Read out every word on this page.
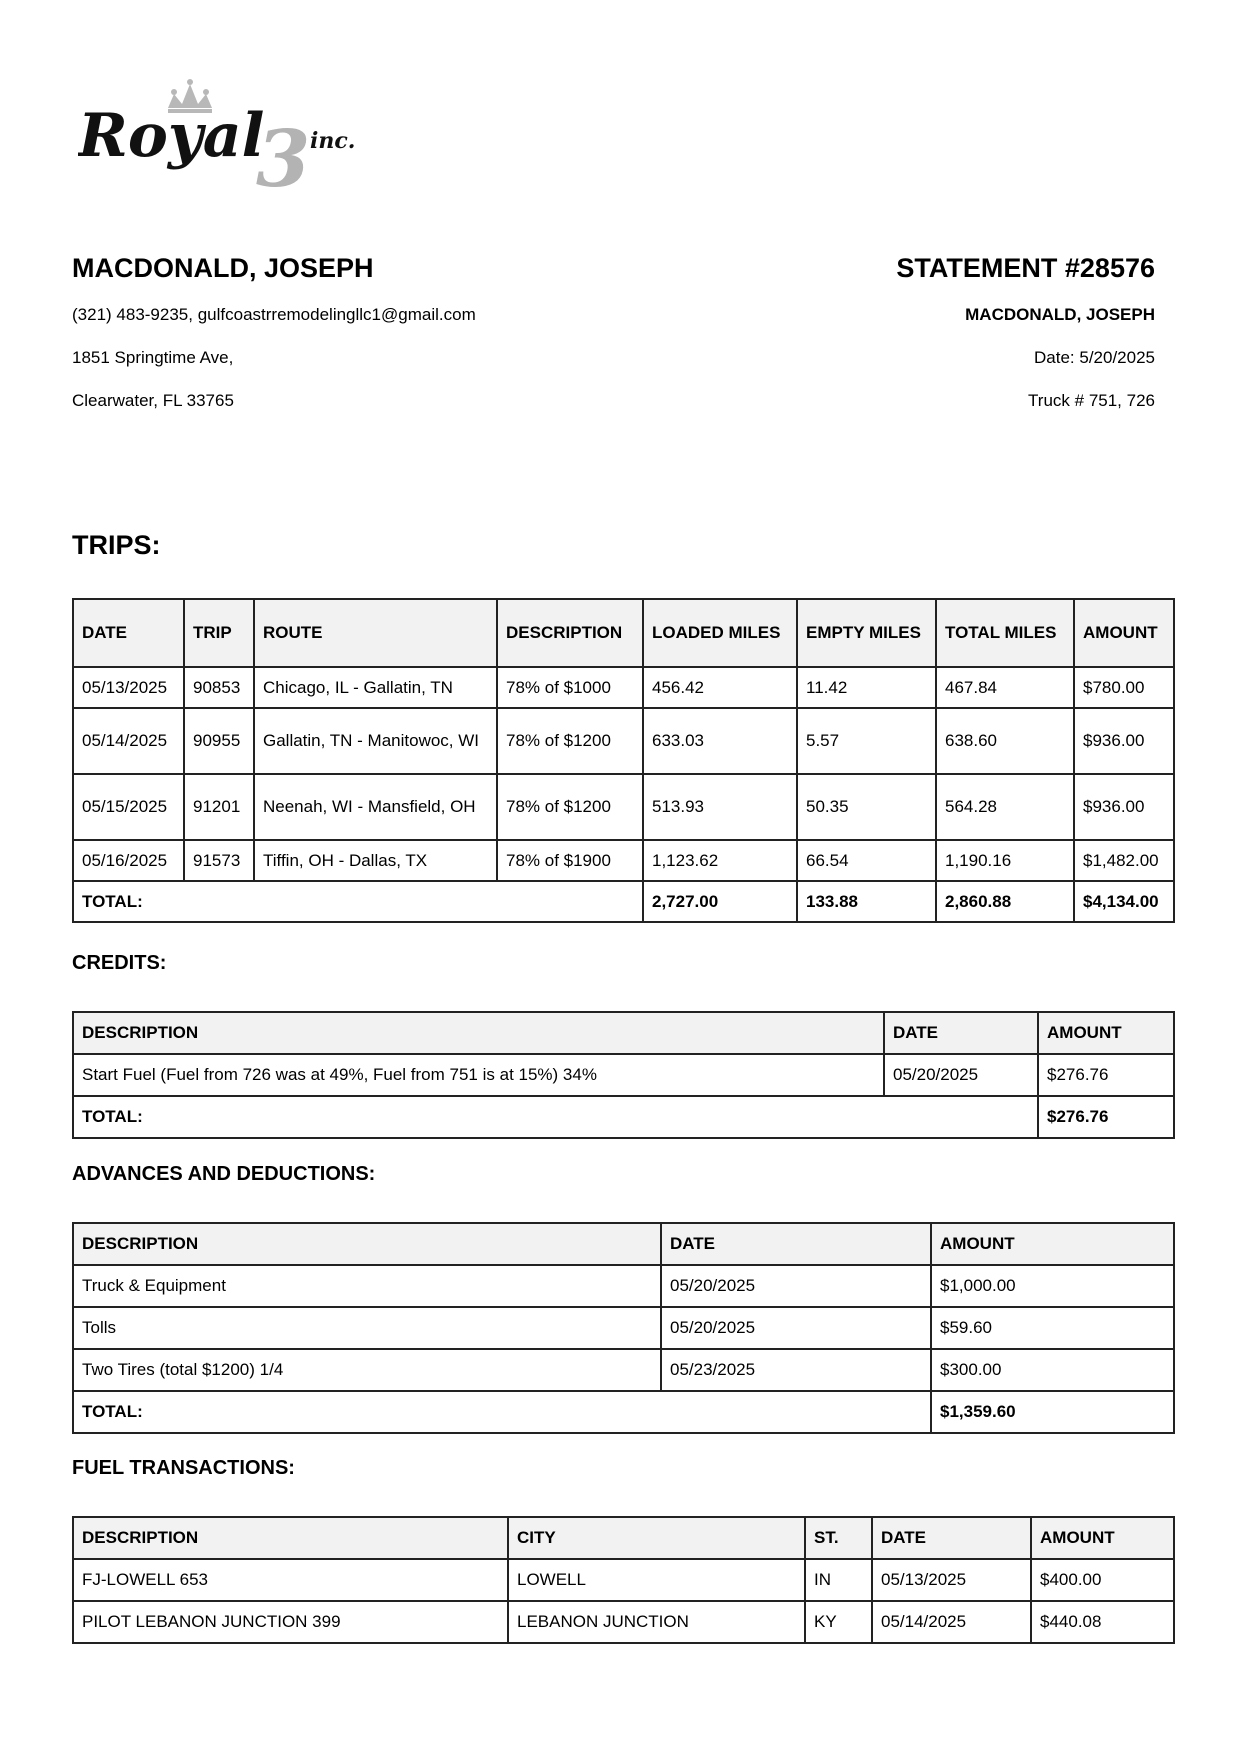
Royal
3 inc.
MACDONALD, JOSEPH

(321) 483-9235, gulfcoastrremodelingllc1@gmail.com

1851 Springtime Ave,

Clearwater, FL 33765

STATEMENT #28576

MACDONALD, JOSEPH

Date: 5/20/2025

Truck # 751, 726

TRIPS:
DATE	TRIP	ROUTE	DESCRIPTION	LOADED MILES	EMPTY MILES	TOTAL MILES	AMOUNT
05/13/2025	90853	Chicago, IL - Gallatin, TN	78% of $1000	456.42	11.42	467.84	$780.00
05/14/2025	90955	Gallatin, TN - Manitowoc, WI	78% of $1200	633.03	5.57	638.60	$936.00
05/15/2025	91201	Neenah, WI - Mansfield, OH	78% of $1200	513.93	50.35	564.28	$936.00
05/16/2025	91573	Tiffin, OH - Dallas, TX	78% of $1900	1,123.62	66.54	1,190.16	$1,482.00
TOTAL:				2,727.00	133.88	2,860.88	$4,134.00
CREDITS:
DESCRIPTION	DATE	AMOUNT
Start Fuel (Fuel from 726 was at 49%, Fuel from 751 is at 15%) 34%	05/20/2025	$276.76
TOTAL:		$276.76
ADVANCES AND DEDUCTIONS:
DESCRIPTION	DATE	AMOUNT
Truck & Equipment	05/20/2025	$1,000.00
Tolls	05/20/2025	$59.60
Two Tires (total $1200) 1/4	05/23/2025	$300.00
TOTAL:		$1,359.60
FUEL TRANSACTIONS:
DESCRIPTION	CITY	ST.	DATE	AMOUNT
FJ-LOWELL 653	LOWELL	IN	05/13/2025	$400.00
PILOT LEBANON JUNCTION 399	LEBANON JUNCTION	KY	05/14/2025	$440.08
